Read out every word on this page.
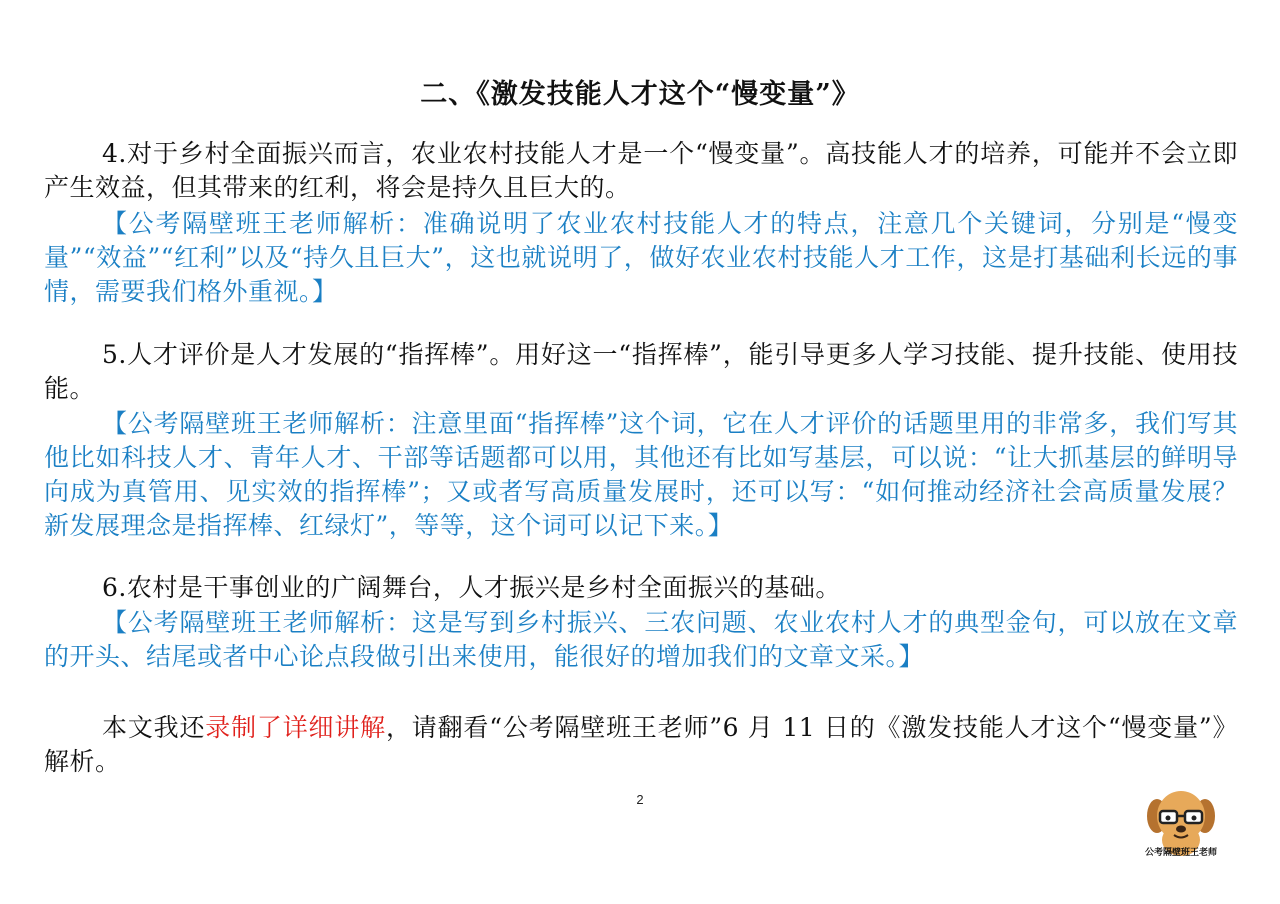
二、《激发技能人才这个“慢变量”》
4.对于乡村全面振兴而言，农业农村技能人才是一个“慢变量”。高技能人才的培养，可能并不会立即产生效益，但其带来的红利，将会是持久且巨大的。
【公考隔壁班王老师解析：准确说明了农业农村技能人才的特点，注意几个关键词，分别是“慢变量”“效益”“红利”以及“持久且巨大”，这也就说明了，做好农业农村技能人才工作，这是打基础利长远的事情，需要我们格外重视。】
5.人才评价是人才发展的“指挥棒”。用好这一“指挥棒”，能引导更多人学习技能、提升技能、使用技能。
【公考隔壁班王老师解析：注意里面“指挥棒”这个词，它在人才评价的话题里用的非常多，我们写其他比如科技人才、青年人才、干部等话题都可以用，其他还有比如写基层，可以说：“让大抓基层的鲜明导向成为真管用、见实效的指挥棒”；又或者写高质量发展时，还可以写：“如何推动经济社会高质量发展？新发展理念是指挥棒、红绿灯”，等等，这个词可以记下来。】
6.农村是干事创业的广阔舞台，人才振兴是乡村全面振兴的基础。
【公考隔壁班王老师解析：这是写到乡村振兴、三农问题、农业农村人才的典型金句，可以放在文章的开头、结尾或者中心论点段做引出来使用，能很好的增加我们的文章文采。】
本文我还录制了详细讲解，请翻看“公考隔壁班王老师”6 月 11 日的《激发技能人才这个“慢变量”》解析。
2
公考隔壁班王老师
